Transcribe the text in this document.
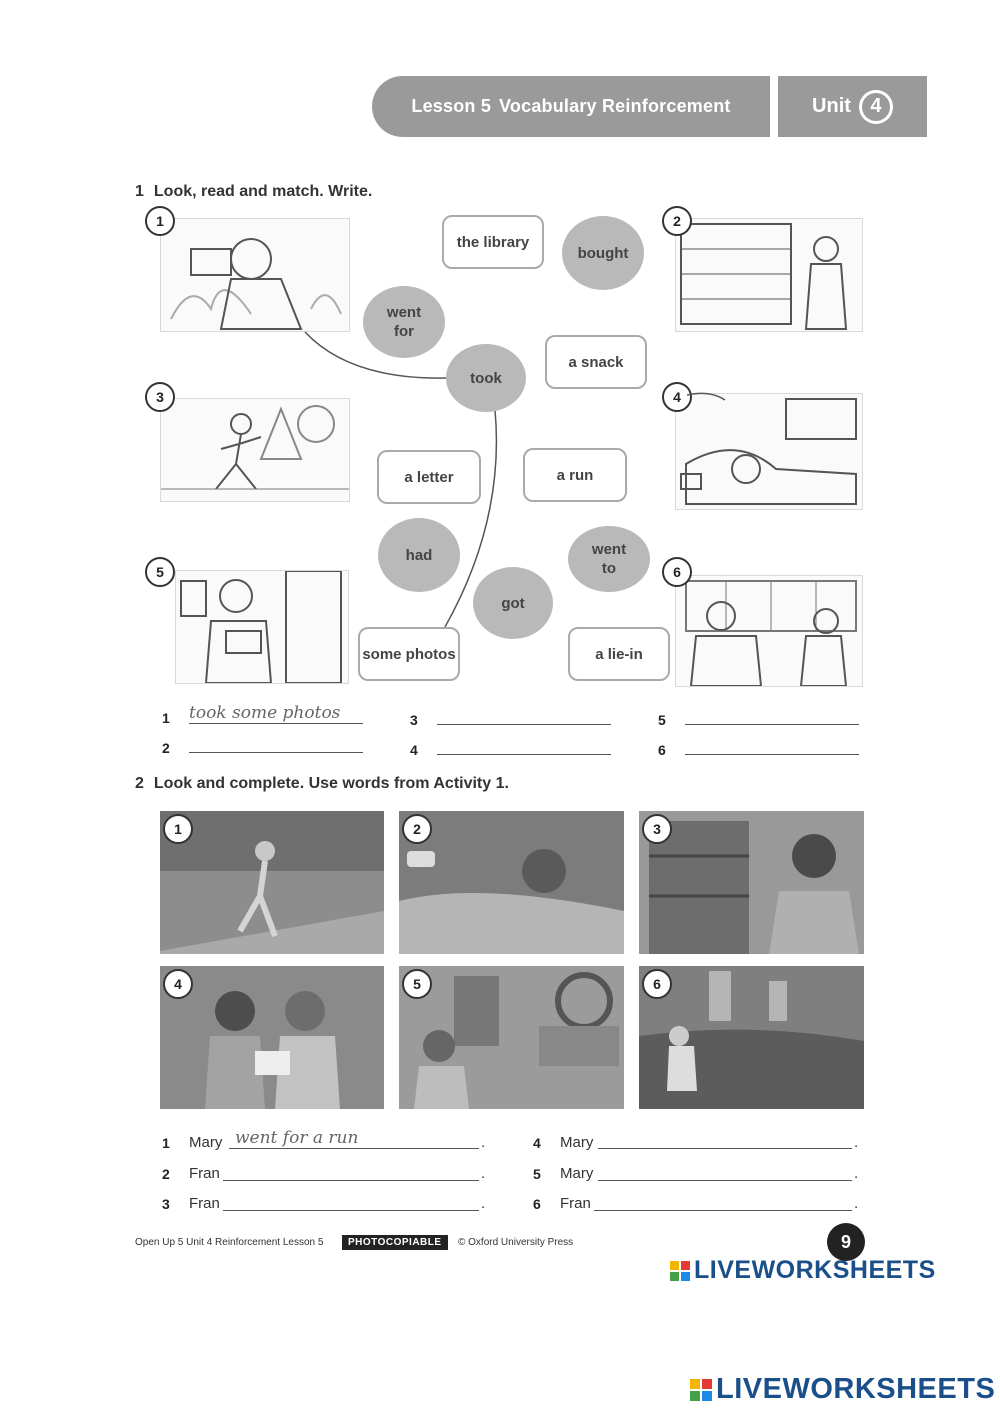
Lesson 5 Vocabulary Reinforcement	Unit 4
1 Look, read and match. Write.
1	2
3	4
5	6
the library
bought
went
for
a snack
took
a letter	a run
had	went
to
got
some photos	a lie-in
1 took some photos	3	5
2	4	6
2 Look and complete. Use words from Activity 1.
1	2	3
4	5	6
1 Mary went for a run	.
2 Fran	.
3 Fran	.
4 Mary	.
5 Mary	.
6 Fran	.
Open Up 5 Unit 4 Reinforcement Lesson 5	PHOTOCOPIABLE	© Oxford University Press	9
LIVEWORKSHEETS
LIVEWORKSHEETS
